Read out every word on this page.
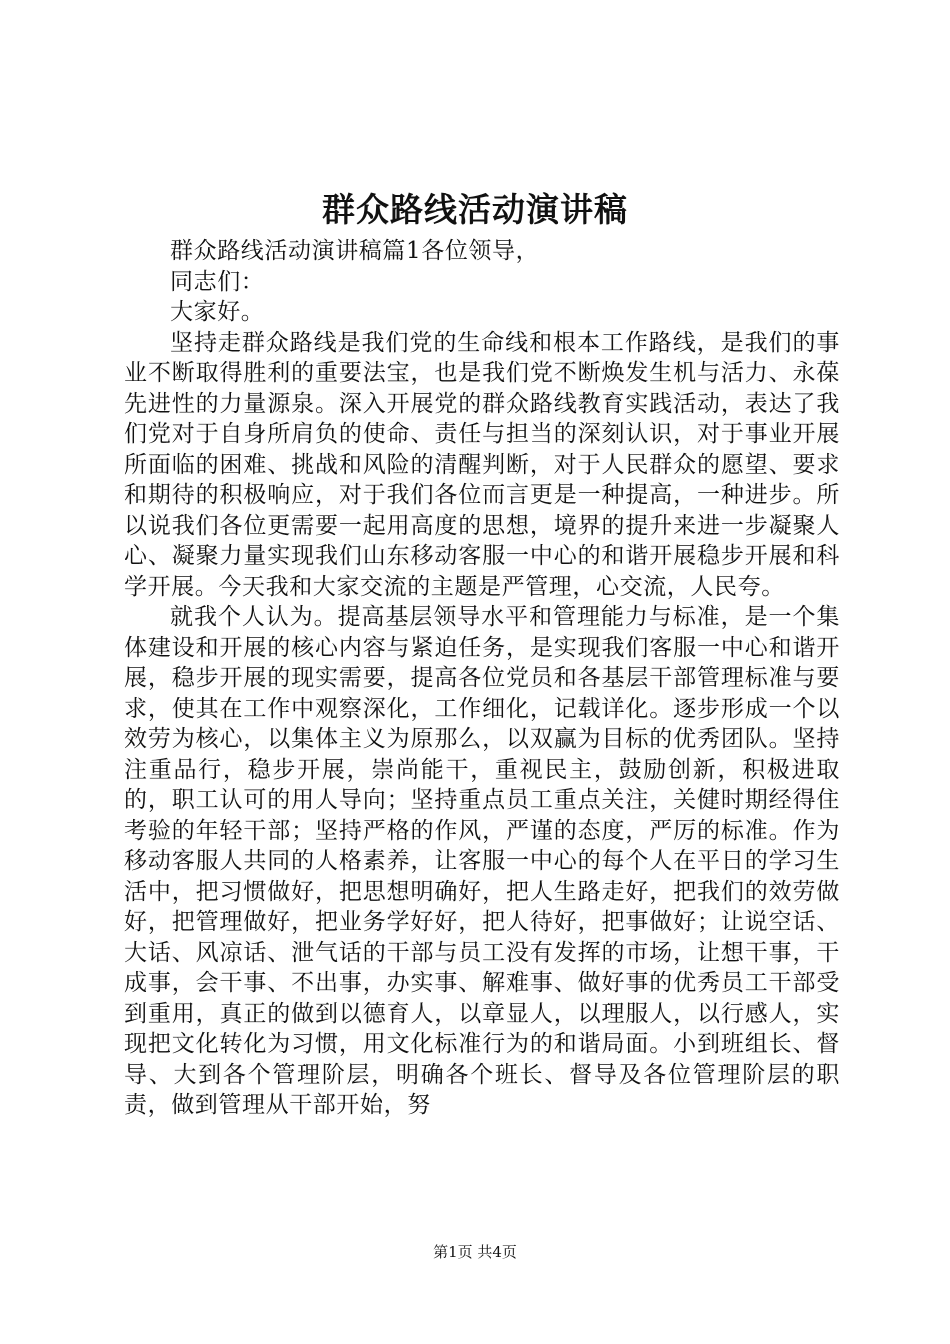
群众路线活动演讲稿

群众路线活动演讲稿篇1各位领导，

同志们：

大家好。

坚持走群众路线是我们党的生命线和根本工作路线，是我们的事业不断取得胜利的重要法宝，也是我们党不断焕发生机与活力、永葆先进性的力量源泉。深入开展党的群众路线教育实践活动，表达了我们党对于自身所肩负的使命、责任与担当的深刻认识，对于事业开展所面临的困难、挑战和风险的清醒判断，对于人民群众的愿望、要求和期待的积极响应，对于我们各位而言更是一种提高，一种进步。所以说我们各位更需要一起用高度的思想，境界的提升来进一步凝聚人心、凝聚力量实现我们山东移动客服一中心的和谐开展稳步开展和科学开展。今天我和大家交流的主题是严管理，心交流，人民夸。

就我个人认为。提高基层领导水平和管理能力与标准，是一个集体建设和开展的核心内容与紧迫任务，是实现我们客服一中心和谐开展，稳步开展的现实需要，提高各位党员和各基层干部管理标准与要求，使其在工作中观察深化，工作细化，记载详化。逐步形成一个以效劳为核心，以集体主义为原那么，以双赢为目标的优秀团队。坚持注重品行，稳步开展，崇尚能干，重视民主，鼓励创新，积极进取的，职工认可的用人导向；坚持重点员工重点关注，关健时期经得住考验的年轻干部；坚持严格的作风，严谨的态度，严厉的标准。作为移动客服人共同的人格素养，让客服一中心的每个人在平日的学习生活中，把习惯做好，把思想明确好，把人生路走好，把我们的效劳做好，把管理做好，把业务学好好，把人待好，把事做好；让说空话、大话、风凉话、泄气话的干部与员工没有发挥的市场，让想干事，干成事，会干事、不出事，办实事、解难事、做好事的优秀员工干部受到重用，真正的做到以德育人，以章显人，以理服人，以行感人，实现把文化转化为习惯，用文化标准行为的和谐局面。小到班组长、督导、大到各个管理阶层，明确各个班长、督导及各位管理阶层的职责，做到管理从干部开始，努

第1页 共4页
